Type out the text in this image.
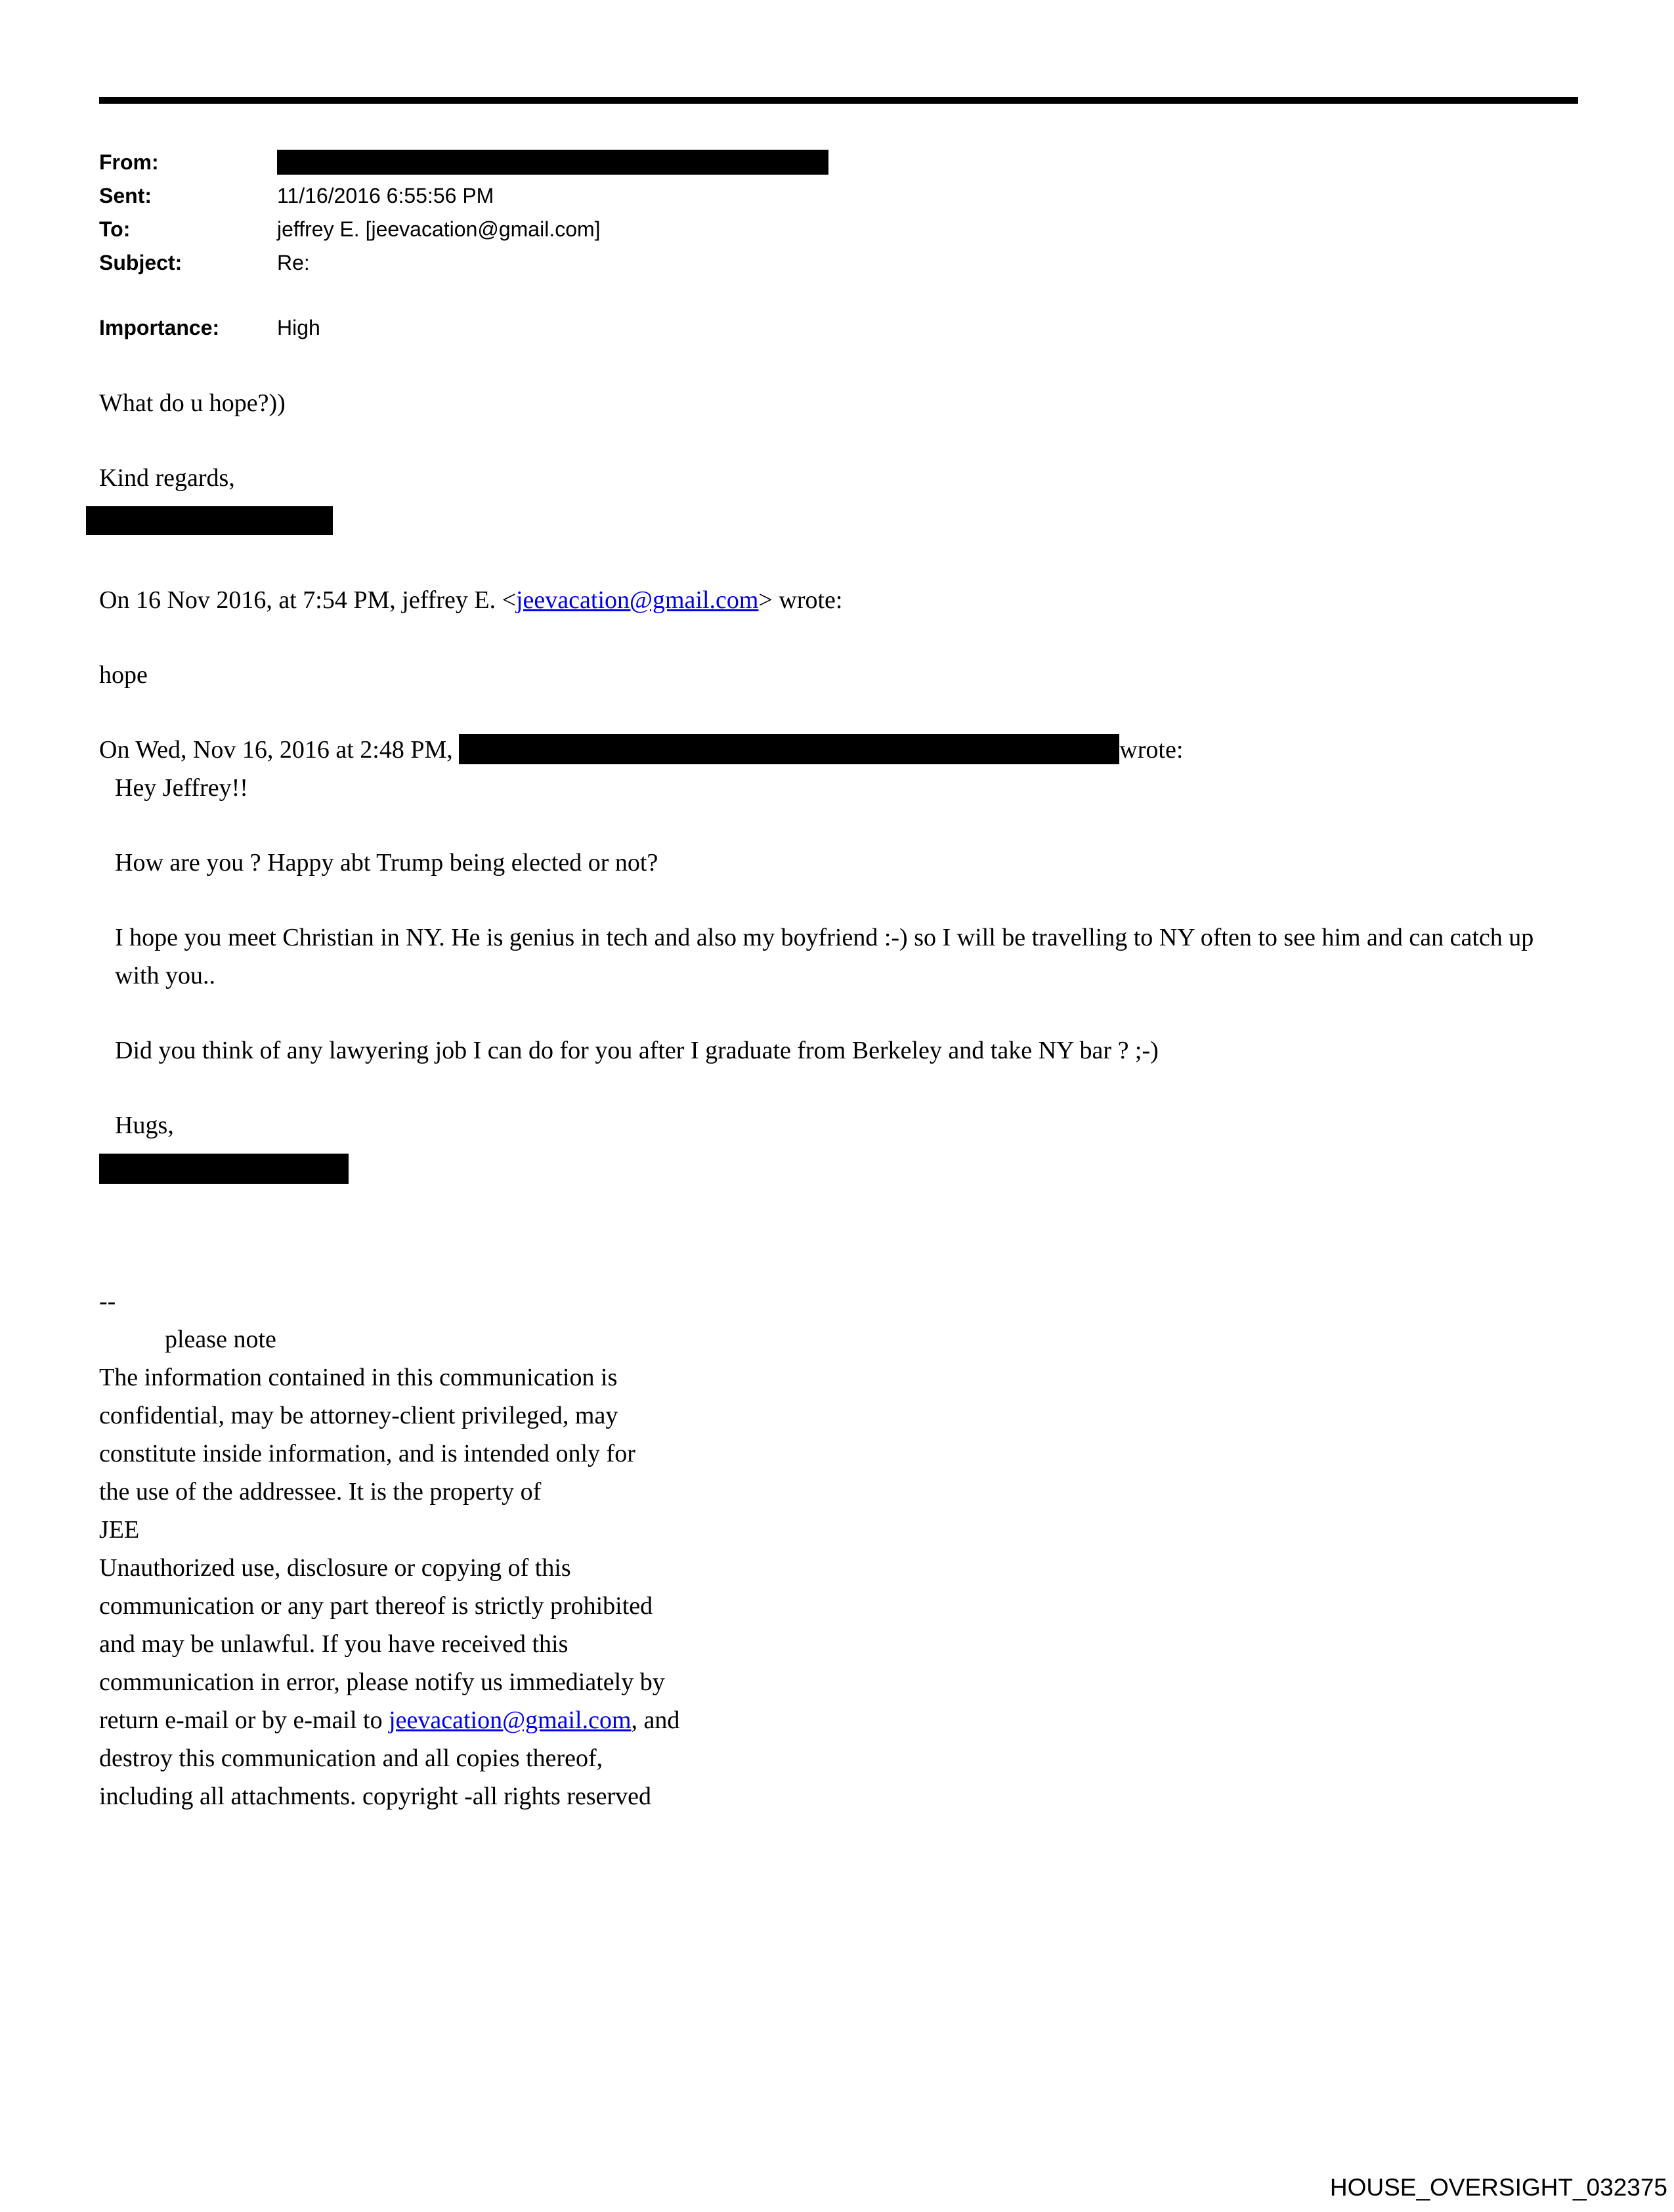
From:
Sent:	11/16/2016 6:55:56 PM
To:	jeffrey E. [jeevacation@gmail.com]
Subject:	Re:
Importance:	High

What do u hope?))

Kind regards,

On 16 Nov 2016, at 7:54 PM, jeffrey E. <jeevacation@gmail.com> wrote:

hope

On Wed, Nov 16, 2016 at 2:48 PM,	wrote:

Hey Jeffrey!!

How are you ? Happy abt Trump being elected or not?

I hope you meet Christian in NY. He is genius in tech and also my boyfriend :-) so I will be travelling to NY often to see him and can catch up with you..

Did you think of any lawyering job I can do for you after I graduate from Berkeley and take NY bar ? ;-)

Hugs,

--

please note
The information contained in this communication is
confidential, may be attorney-client privileged, may
constitute inside information, and is intended only for
the use of the addressee. It is the property of
JEE
Unauthorized use, disclosure or copying of this
communication or any part thereof is strictly prohibited
and may be unlawful. If you have received this
communication in error, please notify us immediately by
return e-mail or by e-mail to jeevacation@gmail.com, and
destroy this communication and all copies thereof,
including all attachments. copyright -all rights reserved
HOUSE_OVERSIGHT_032375
